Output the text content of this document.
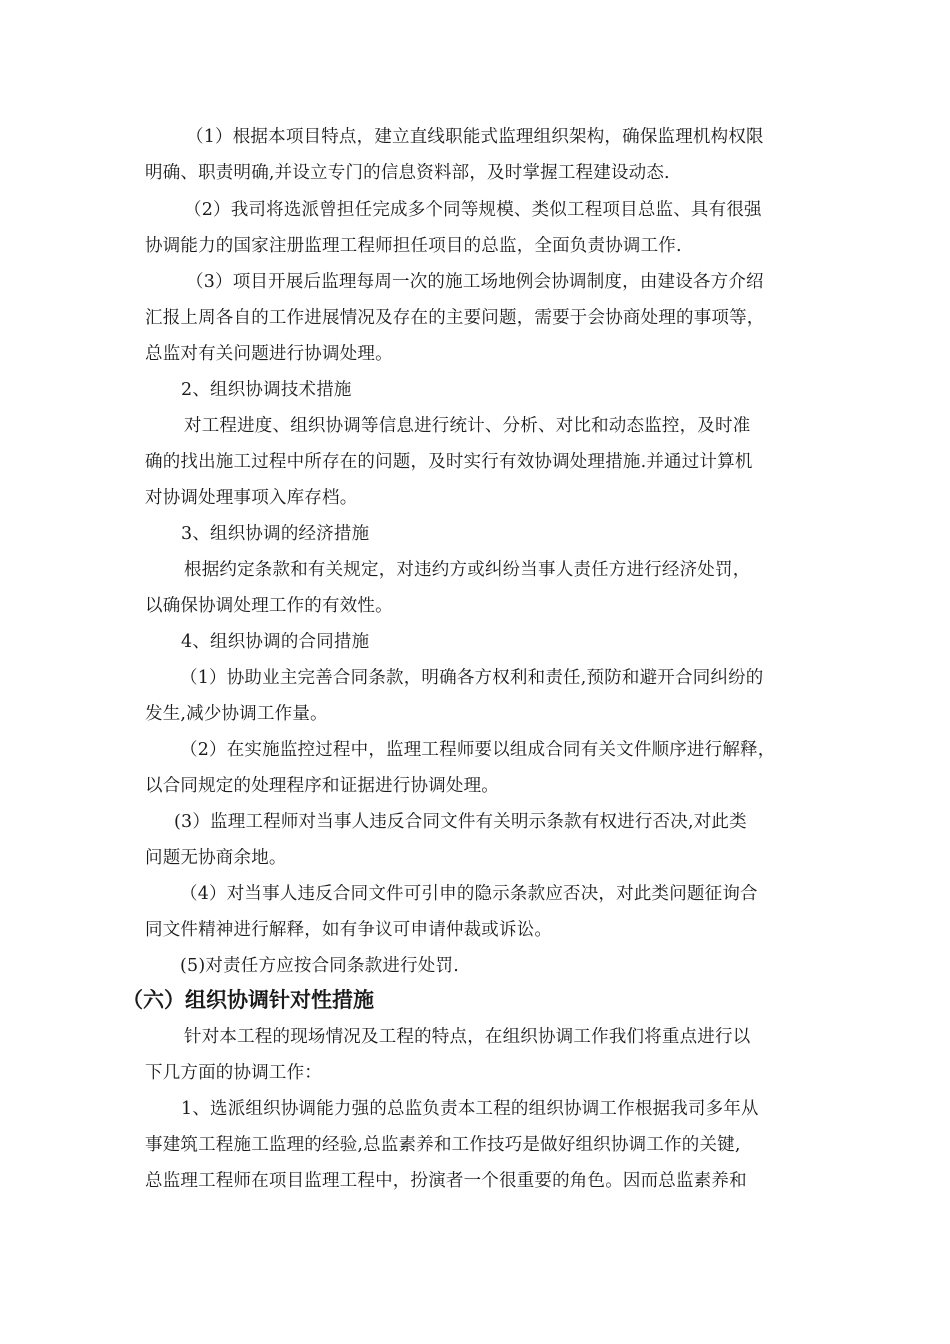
（1）根据本项目特点，建立直线职能式监理组织架构，确保监理机构权限
明确、职责明确,并设立专门的信息资料部，及时掌握工程建设动态.
（2）我司将选派曾担任完成多个同等规模、类似工程项目总监、具有很强
协调能力的国家注册监理工程师担任项目的总监，全面负责协调工作.
（3）项目开展后监理每周一次的施工场地例会协调制度，由建设各方介绍
汇报上周各自的工作进展情况及存在的主要问题，需要于会协商处理的事项等，
总监对有关问题进行协调处理。
2、组织协调技术措施
对工程进度、组织协调等信息进行统计、分析、对比和动态监控，及时准
确的找出施工过程中所存在的问题，及时实行有效协调处理措施.并通过计算机
对协调处理事项入库存档。
3、组织协调的经济措施
根据约定条款和有关规定，对违约方或纠纷当事人责任方进行经济处罚，
以确保协调处理工作的有效性。
4、组织协调的合同措施
（1）协助业主完善合同条款，明确各方权利和责任,预防和避开合同纠纷的
发生,减少协调工作量。
（2）在实施监控过程中，监理工程师要以组成合同有关文件顺序进行解释，
以合同规定的处理程序和证据进行协调处理。
(3）监理工程师对当事人违反合同文件有关明示条款有权进行否决,对此类
问题无协商余地。
（4）对当事人违反合同文件可引申的隐示条款应否决，对此类问题征询合
同文件精神进行解释，如有争议可申请仲裁或诉讼。
(5)对责任方应按合同条款进行处罚.
（六）组织协调针对性措施
针对本工程的现场情况及工程的特点，在组织协调工作我们将重点进行以
下几方面的协调工作：
1、选派组织协调能力强的总监负责本工程的组织协调工作根据我司多年从
事建筑工程施工监理的经验,总监素养和工作技巧是做好组织协调工作的关键,
总监理工程师在项目监理工程中，扮演者一个很重要的角色。因而总监素养和
